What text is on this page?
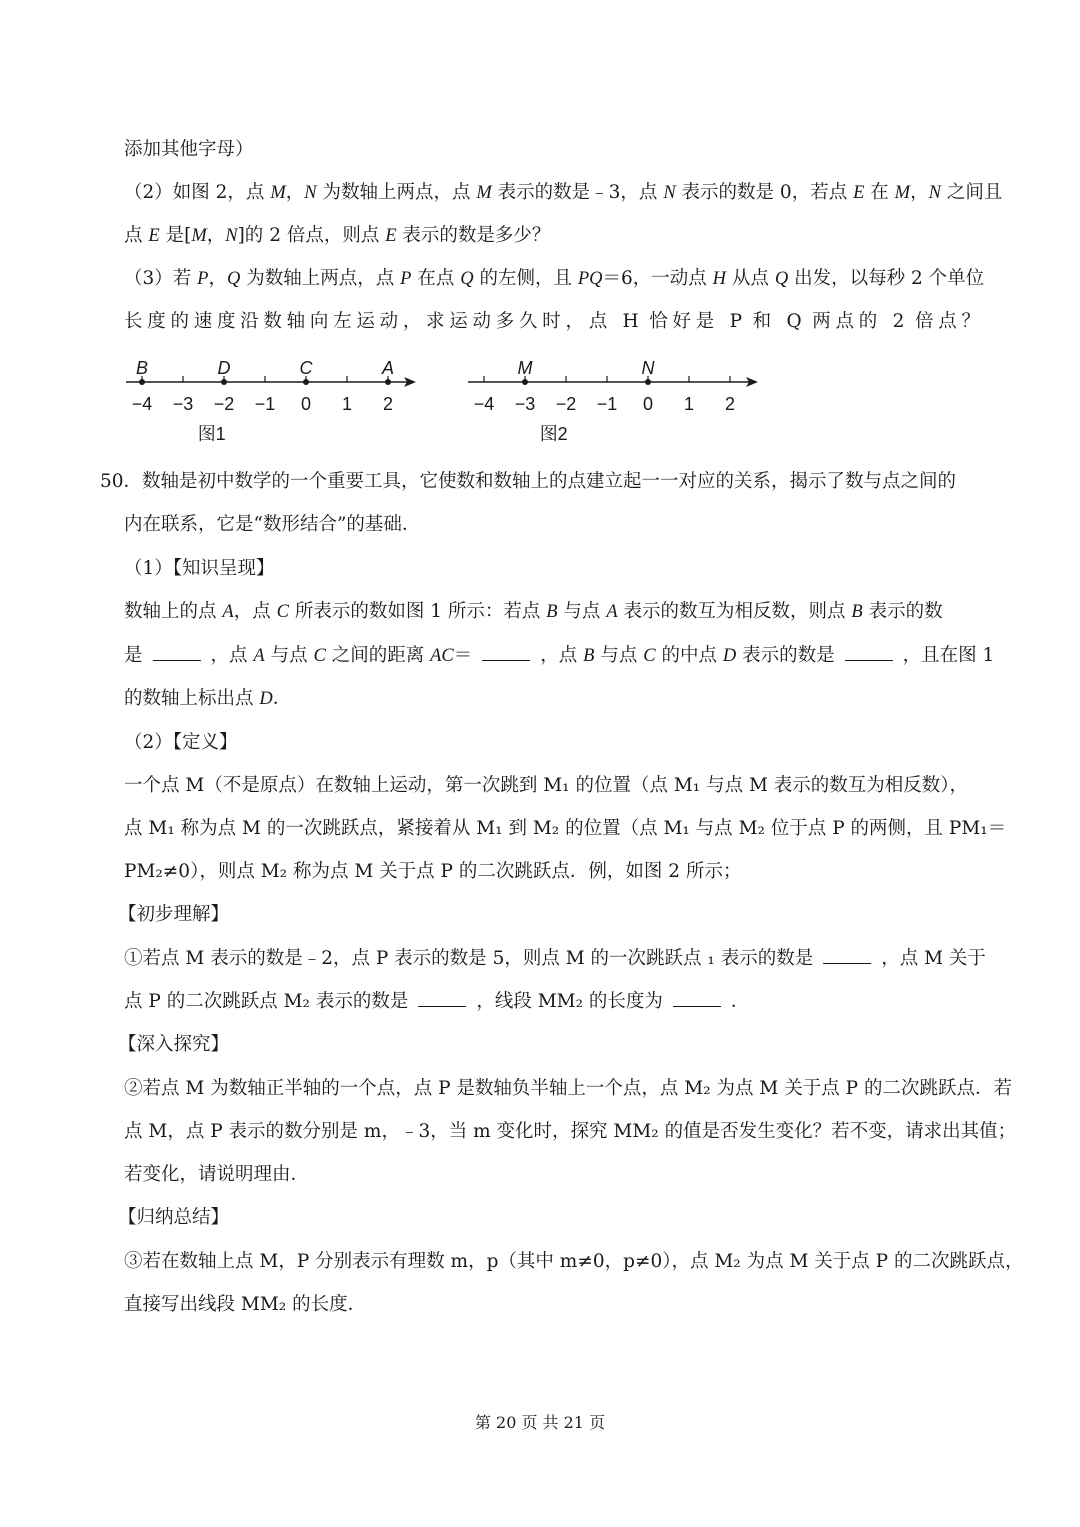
添加其他字母）
（2）如图 2，点 M，N 为数轴上两点，点 M 表示的数是﹣3，点 N 表示的数是 0，若点 E 在 M，N 之间且
点 E 是[M，N]的 2 倍点，则点 E 表示的数是多少？
（3）若 P，Q 为数轴上两点，点 P 在点 Q 的左侧，且 PQ＝6，一动点 H 从点 Q 出发，以每秒 2 个单位
长度的速度沿数轴向左运动，求运动多久时，点 H 恰好是 P 和 Q 两点的 2 倍点？
−4 −3 −2 −1 0 1 2
B	D	C	A
图1
−4 −3 −2 −1 0 1 2
M	N
图2
50．数轴是初中数学的一个重要工具，它使数和数轴上的点建立起一一对应的关系，揭示了数与点之间的
内在联系，它是“数形结合”的基础．
（1）【知识呈现】
数轴上的点 A，点 C 所表示的数如图 1 所示：若点 B 与点 A 表示的数互为相反数，则点 B 表示的数
是	，点 A 与点 C 之间的距离 AC＝	，点 B 与点 C 的中点 D 表示的数是	，且在图 1
的数轴上标出点 D．
（2）【定义】
一个点 M（不是原点）在数轴上运动，第一次跳到 M₁ 的位置（点 M₁ 与点 M 表示的数互为相反数），
点 M₁ 称为点 M 的一次跳跃点，紧接着从 M₁ 到 M₂ 的位置（点 M₁ 与点 M₂ 位于点 P 的两侧，且 PM₁＝
PM₂≠0），则点 M₂ 称为点 M 关于点 P 的二次跳跃点．例，如图 2 所示；
【初步理解】
①若点 M 表示的数是﹣2，点 P 表示的数是 5，则点 M 的一次跳跃点 ₁ 表示的数是	，点 M 关于
点 P 的二次跳跃点 M₂ 表示的数是	，线段 MM₂ 的长度为	．
【深入探究】
②若点 M 为数轴正半轴的一个点，点 P 是数轴负半轴上一个点，点 M₂ 为点 M 关于点 P 的二次跳跃点．若
点 M，点 P 表示的数分别是 m，﹣3，当 m 变化时，探究 MM₂ 的值是否发生变化？若不变，请求出其值；
若变化，请说明理由．
【归纳总结】
③若在数轴上点 M，P 分别表示有理数 m，p（其中 m≠0，p≠0），点 M₂ 为点 M 关于点 P 的二次跳跃点，
直接写出线段 MM₂ 的长度．
第 20 页 共 21 页
